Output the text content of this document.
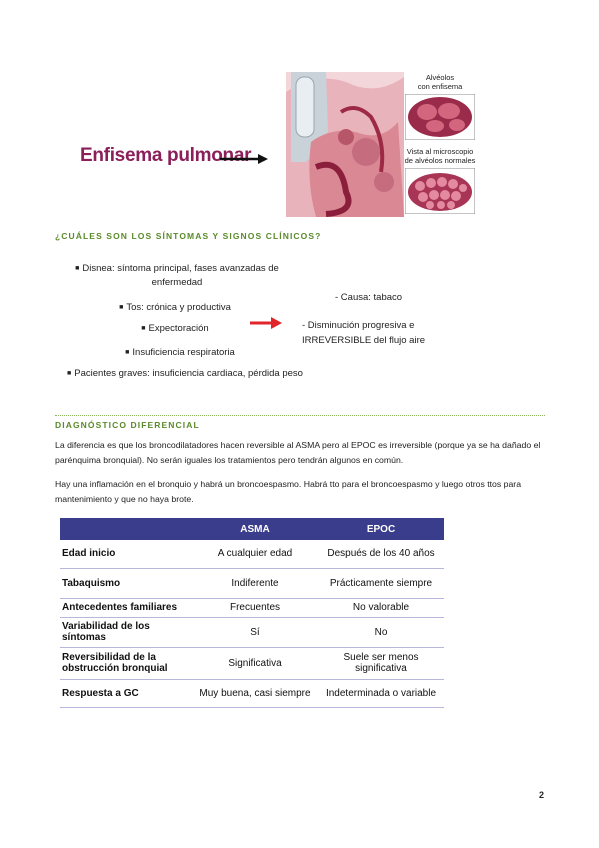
Enfisema pulmonar
Alvéolos
con enfisema
Vista al microscopio
de alvéolos normales
¿CUÁLES SON LOS SÍNTOMAS Y SIGNOS CLÍNICOS?
■ Disnea: síntoma principal, fases avanzadas de enfermedad
■ Tos: crónica y productiva
■ Expectoración
■ Insuficiencia respiratoria
■ Pacientes graves: insuficiencia cardiaca, pérdida peso
- Causa: tabaco
- Disminución progresiva e IRREVERSIBLE del flujo aire
DIAGNÓSTICO DIFERENCIAL
La diferencia es que los broncodilatadores hacen reversible al ASMA pero al EPOC es irreversible (porque ya se ha dañado el parénquima bronquial). No serán iguales los tratamientos pero tendrán algunos en común.
Hay una inflamación en el bronquio y habrá un broncoespasmo. Habrá tto para el broncoespasmo y luego otros ttos para mantenimiento y que no haya brote.
	ASMA	EPOC
Edad inicio	A cualquier edad	Después de los 40 años
Tabaquismo	Indiferente	Prácticamente siempre
Antecedentes familiares	Frecuentes	No valorable
Variabilidad de los síntomas	Sí	No
Reversibilidad de la obstrucción bronquial	Significativa	Suele ser menos significativa
Respuesta a GC	Muy buena, casi siempre	Indeterminada o variable
2
